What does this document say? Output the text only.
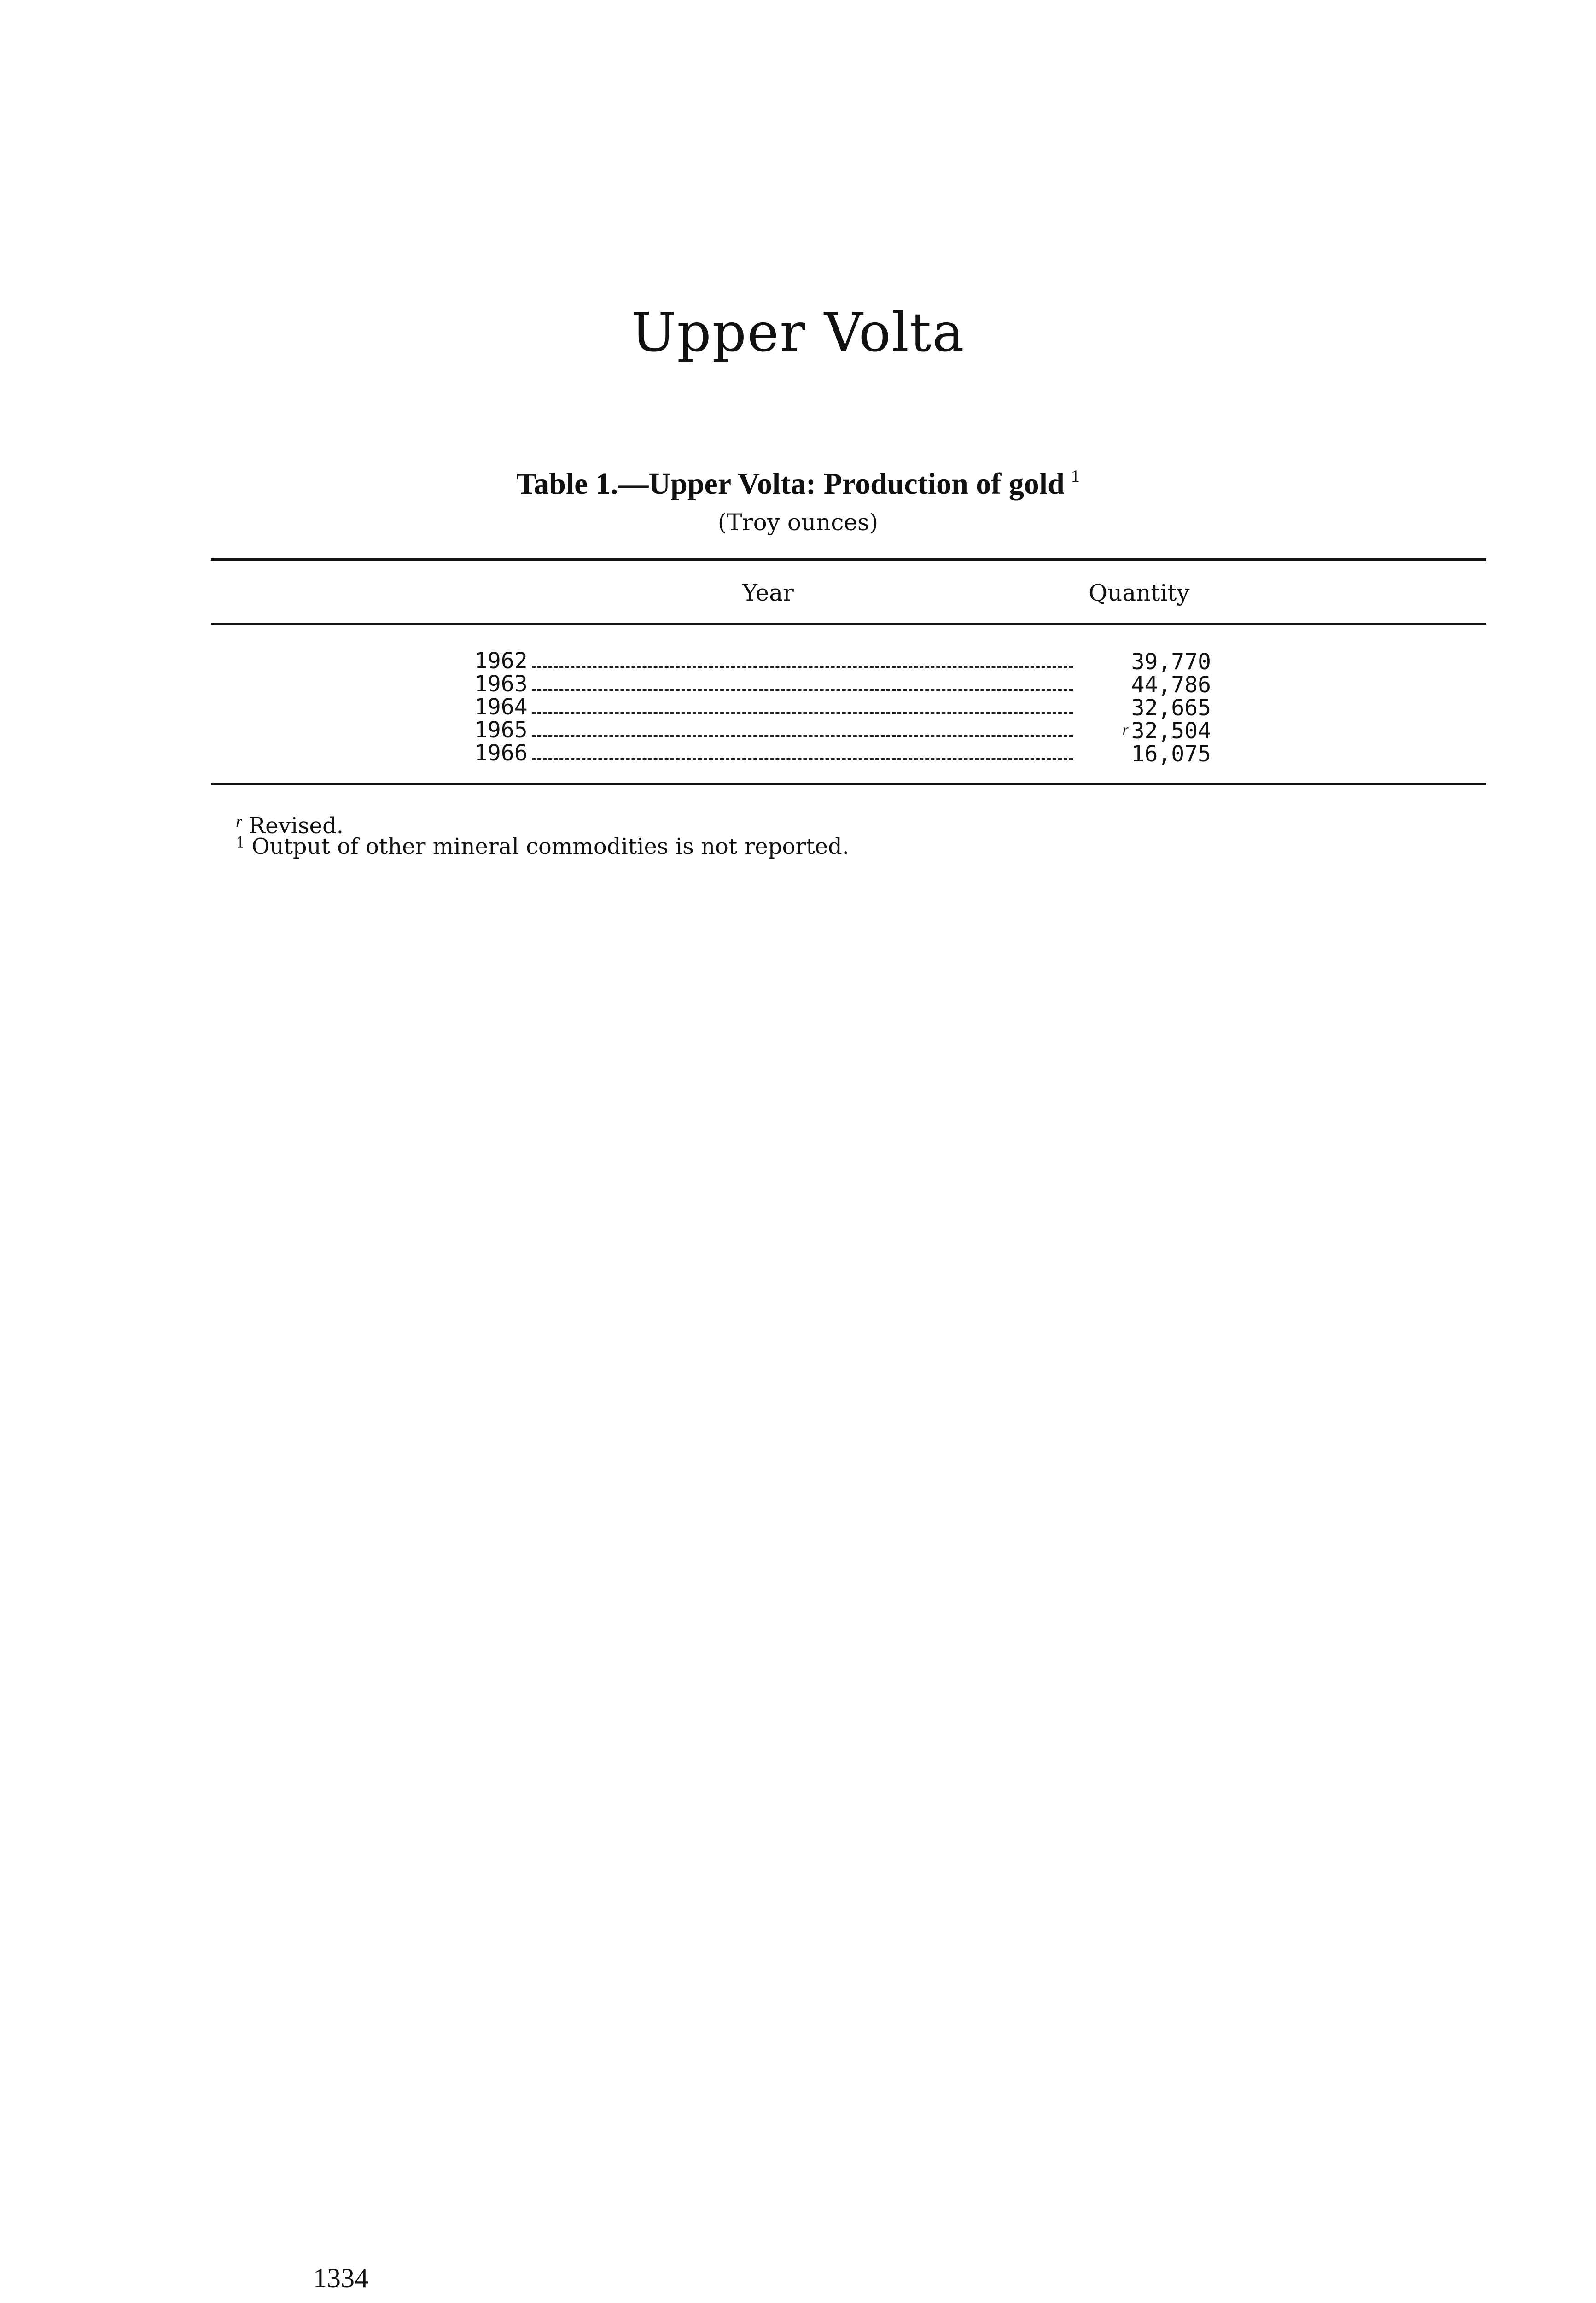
Upper Volta
Table 1.—Upper Volta: Production of gold $^1$
(Troy ounces)
Year	Quantity
1962	39,770
1963	44,786
1964	32,665
1965	r 32,504
1966	16,075
$^r$ Revised.
$^1$ Output of other mineral commodities is not reported.
1334
